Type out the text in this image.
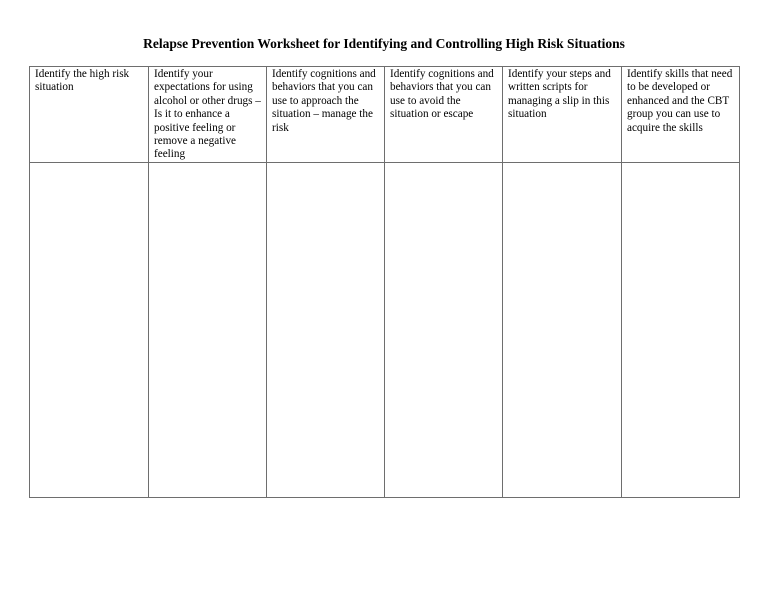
Relapse Prevention Worksheet for Identifying and Controlling High Risk Situations
Identify the high risk situation	Identify your expectations for using alcohol or other drugs – Is it to enhance a positive feeling or remove a negative feeling	Identify cognitions and behaviors that you can use to approach the situation – manage the risk	Identify cognitions and behaviors that you can use to avoid the situation or escape	Identify your steps and written scripts for managing a slip in this situation	Identify skills that need to be developed or enhanced and the CBT group you can use to acquire the skills
